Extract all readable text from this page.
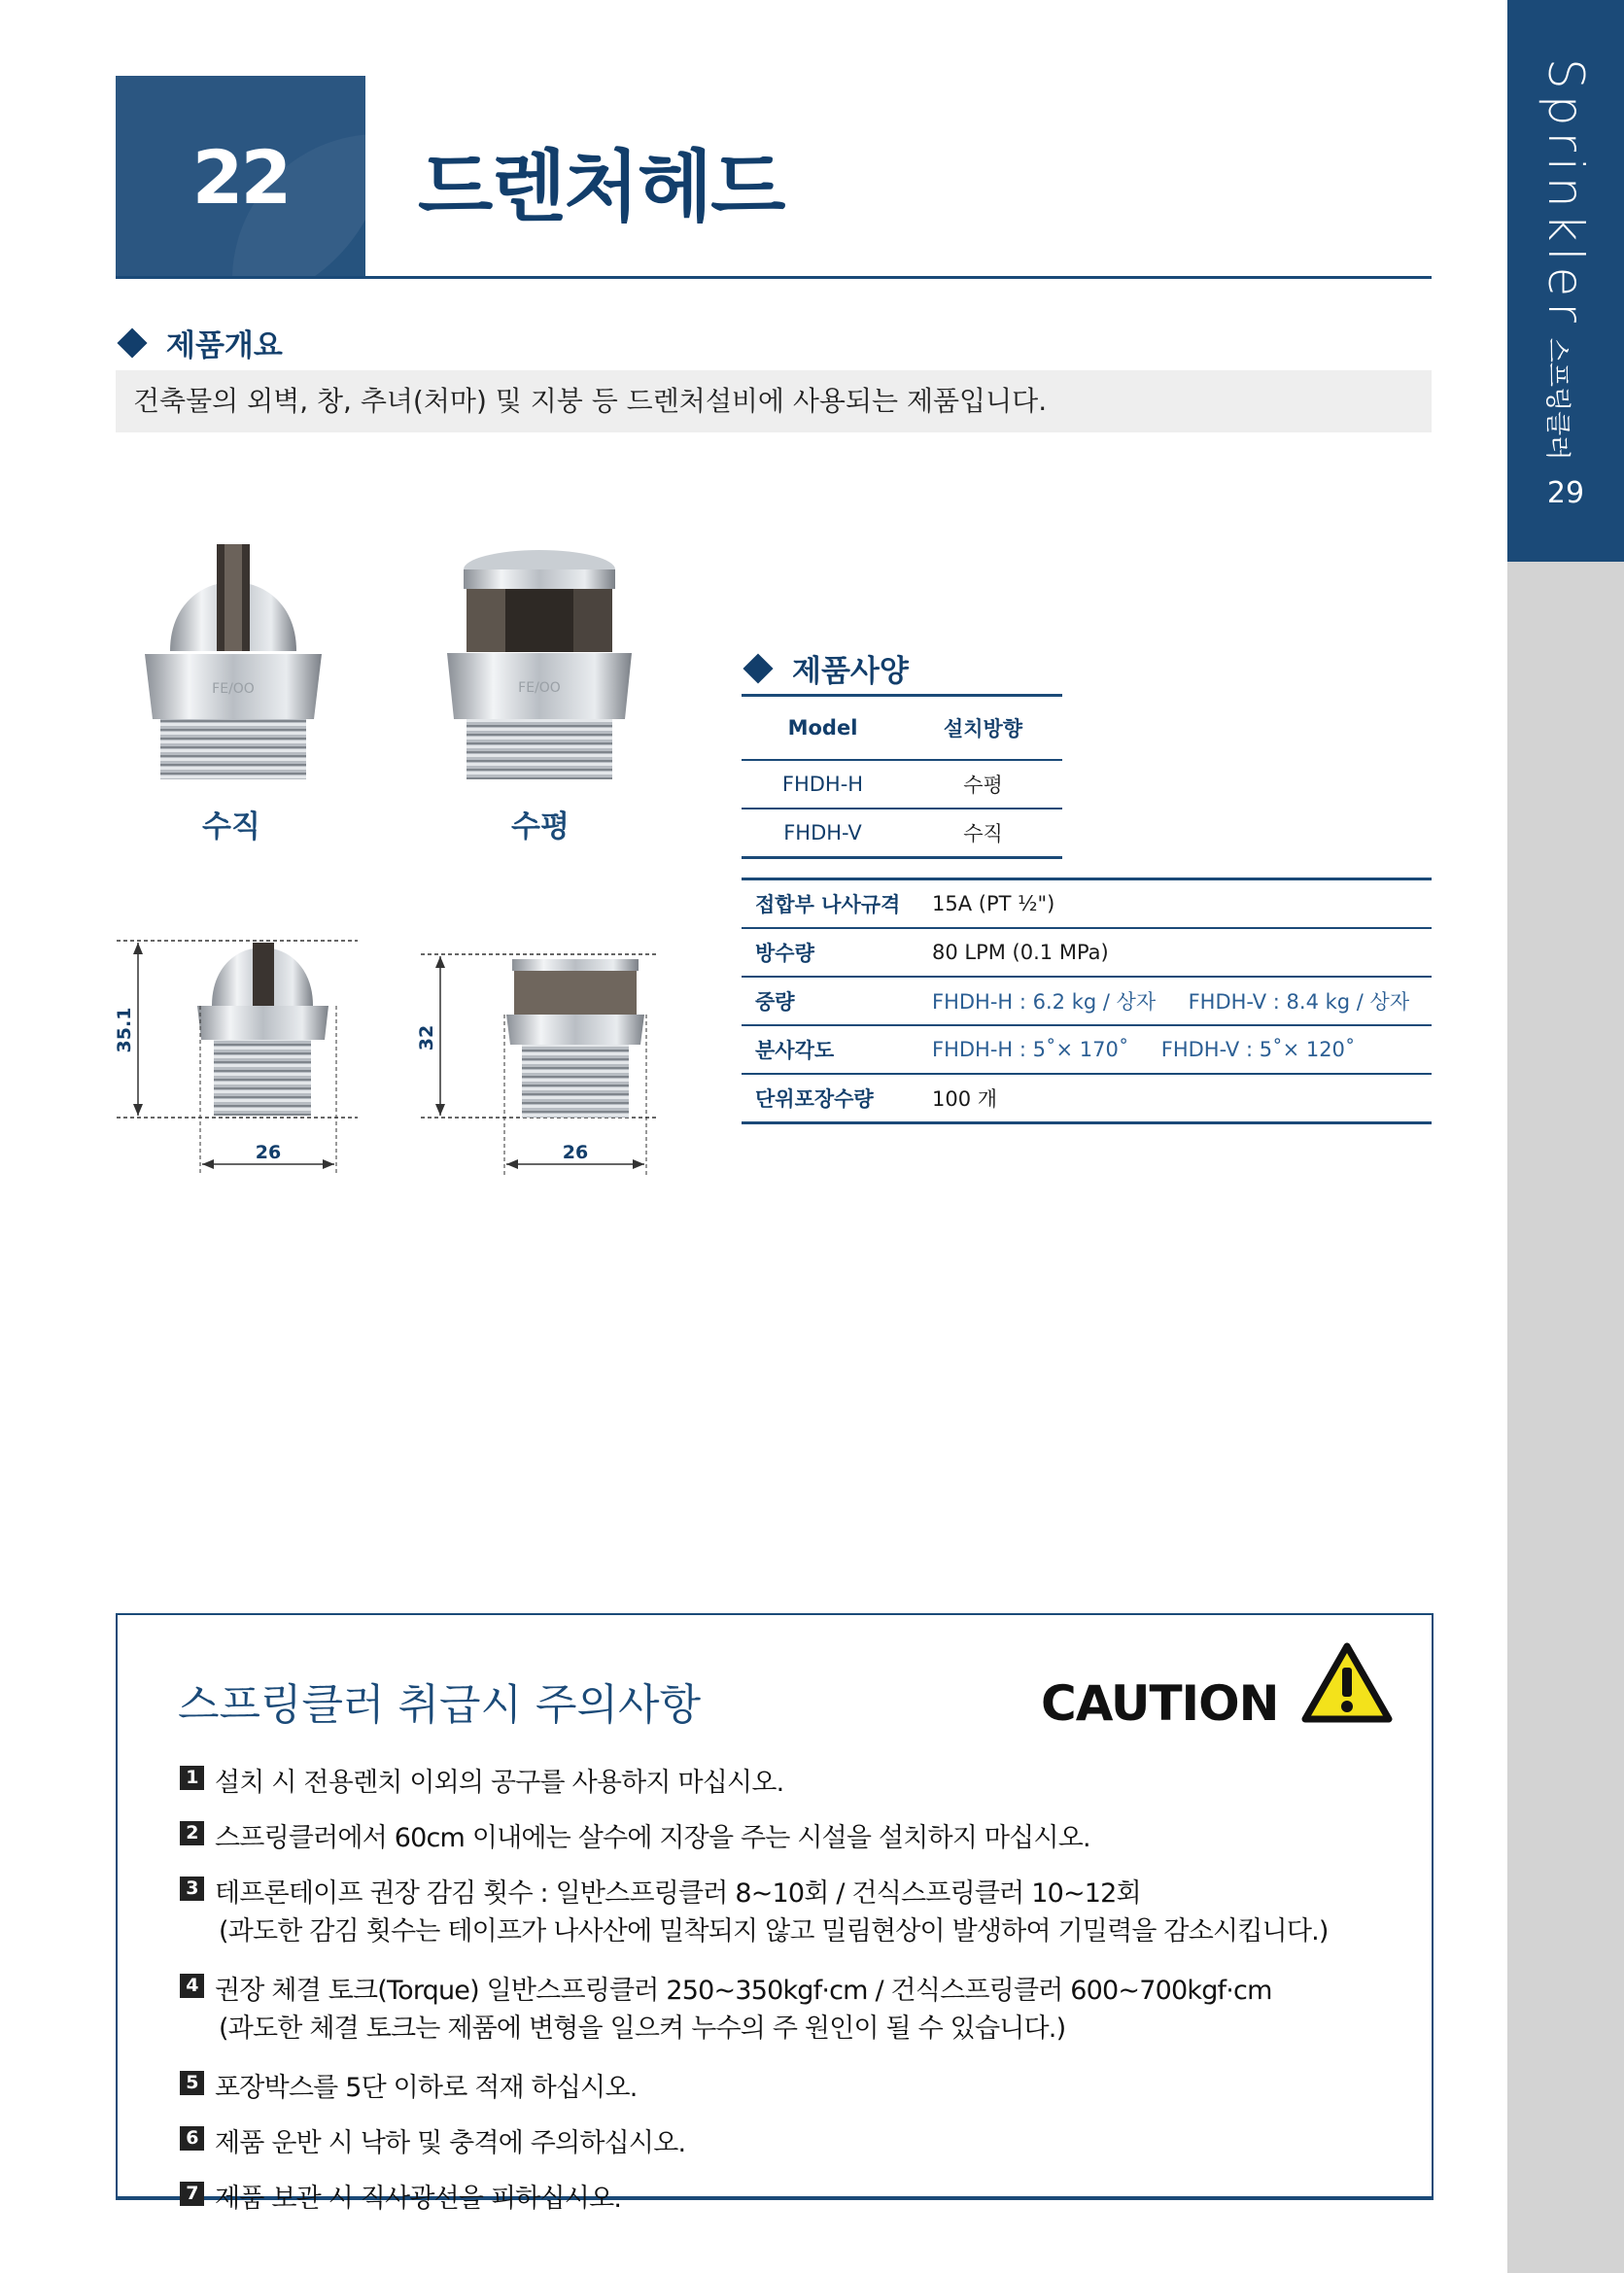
Sprinkler스프링클러
29
22	드렌처헤드
제품개요
건축물의 외벽, 창, 추녀(처마) 및 지붕 등 드렌처설비에 사용되는 제품입니다.
FE/OO
수직
FE/OO
수평
35.1
26
32
26
제품사양
Model	설치방향
FHDH-H	수평
FHDH-V	수직
접합부 나사규격	15A (PT ½")
방수량	80 LPM (0.1 MPa)
중량	FHDH-H : 6.2 kg / 상자 FHDH-V : 8.4 kg / 상자
분사각도	FHDH-H : 5˚× 170˚ FHDH-V : 5˚× 120˚
단위포장수량	100 개
스프링클러 취급시 주의사항	CAUTION
1 설치 시 전용렌치 이외의 공구를 사용하지 마십시오.
2 스프링클러에서 60cm 이내에는 살수에 지장을 주는 시설을 설치하지 마십시오.
3 테프론테이프 권장 감김 횟수 : 일반스프링클러 8~10회 / 건식스프링클러 10~12회
(과도한 감김 횟수는 테이프가 나사산에 밀착되지 않고 밀림현상이 발생하여 기밀력을 감소시킵니다.)
4 권장 체결 토크(Torque) 일반스프링클러 250~350kgf·cm / 건식스프링클러 600~700kgf·cm
(과도한 체결 토크는 제품에 변형을 일으켜 누수의 주 원인이 될 수 있습니다.)
5 포장박스를 5단 이하로 적재 하십시오.
6 제품 운반 시 낙하 및 충격에 주의하십시오.
7 제품 보관 시 직사광선을 피하십시오.
